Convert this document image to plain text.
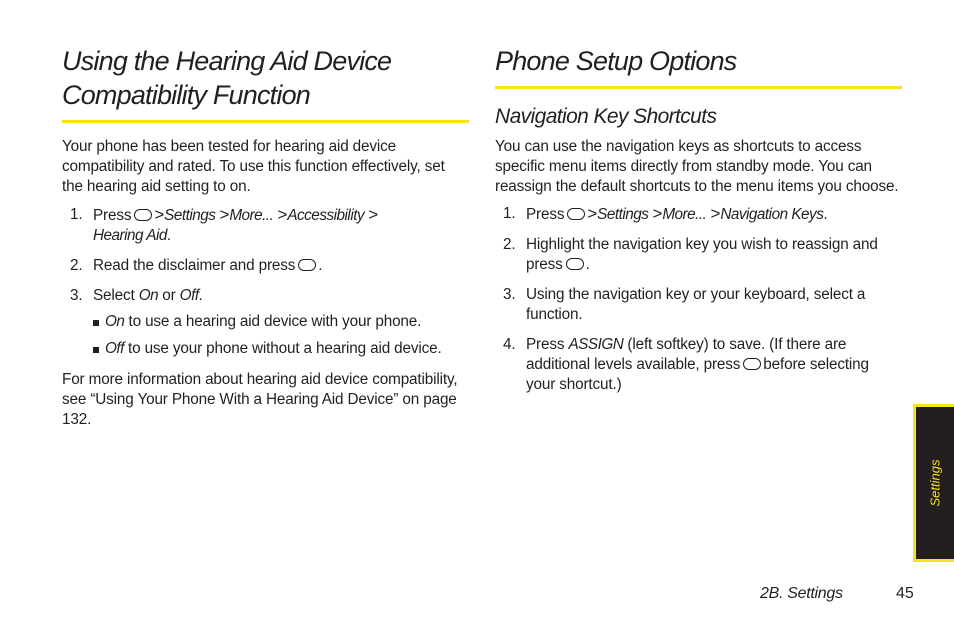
Using the Hearing Aid Device
Compatibility Function

Your phone has been tested for hearing aid device compatibility and rated. To use this function effectively, set the hearing aid setting to on.

1. Press >Settings >More... >Accessibility >
Hearing Aid.
2. Read the disclaimer and press .
3. Select On or Off.
On to use a hearing aid device with your phone.
Off to use your phone without a hearing aid device.

For more information about hearing aid device compatibility, see “Using Your Phone With a Hearing Aid Device” on page 132.

Phone Setup Options
Navigation Key Shortcuts

You can use the navigation keys as shortcuts to access specific menu items directly from standby mode. You can reassign the default shortcuts to the menu items you choose.

1. Press >Settings >More... >Navigation Keys.
2. Highlight the navigation key you wish to reassign and press .
3. Using the navigation key or your keyboard, select a function.
4. Press ASSIGN (left softkey) to save. (If there are additional levels available, press before selecting your shortcut.)
Settings
2B. Settings	45
